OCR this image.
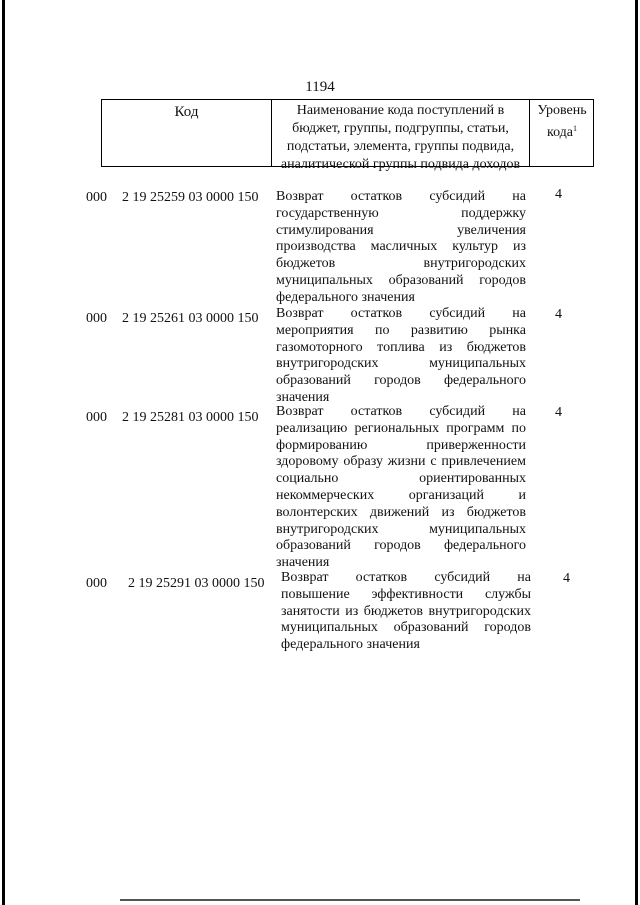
1194
Код	Наименование кода поступлений в бюджет, группы, подгруппы, статьи, подстатьи, элемента, группы подвида, аналитической группы подвида доходов
Уровень кода$^1$
000 2 19 25259 03 0000 150 Возврат остатков субсидий на государственную поддержку стимулирования увеличения производства масличных культур из бюджетов внутригородских муниципальных образований городов федерального значения
4
000 2 19 25261 03 0000 150 Возврат остатков субсидий на мероприятия по развитию рынка газомоторного топлива из бюджетов внутригородских муниципальных образований городов федерального значения
4
000 2 19 25281 03 0000 150 Возврат остатков субсидий на реализацию региональных программ по формированию приверженности здоровому образу жизни с привлечением социально ориентированных некоммерческих организаций и волонтерских движений из бюджетов внутригородских муниципальных образований городов федерального значения
4
000 2 19 25291 03 0000 150 Возврат остатков субсидий на повышение эффективности службы занятости из бюджетов внутригородских муниципальных образований городов федерального значения
4
